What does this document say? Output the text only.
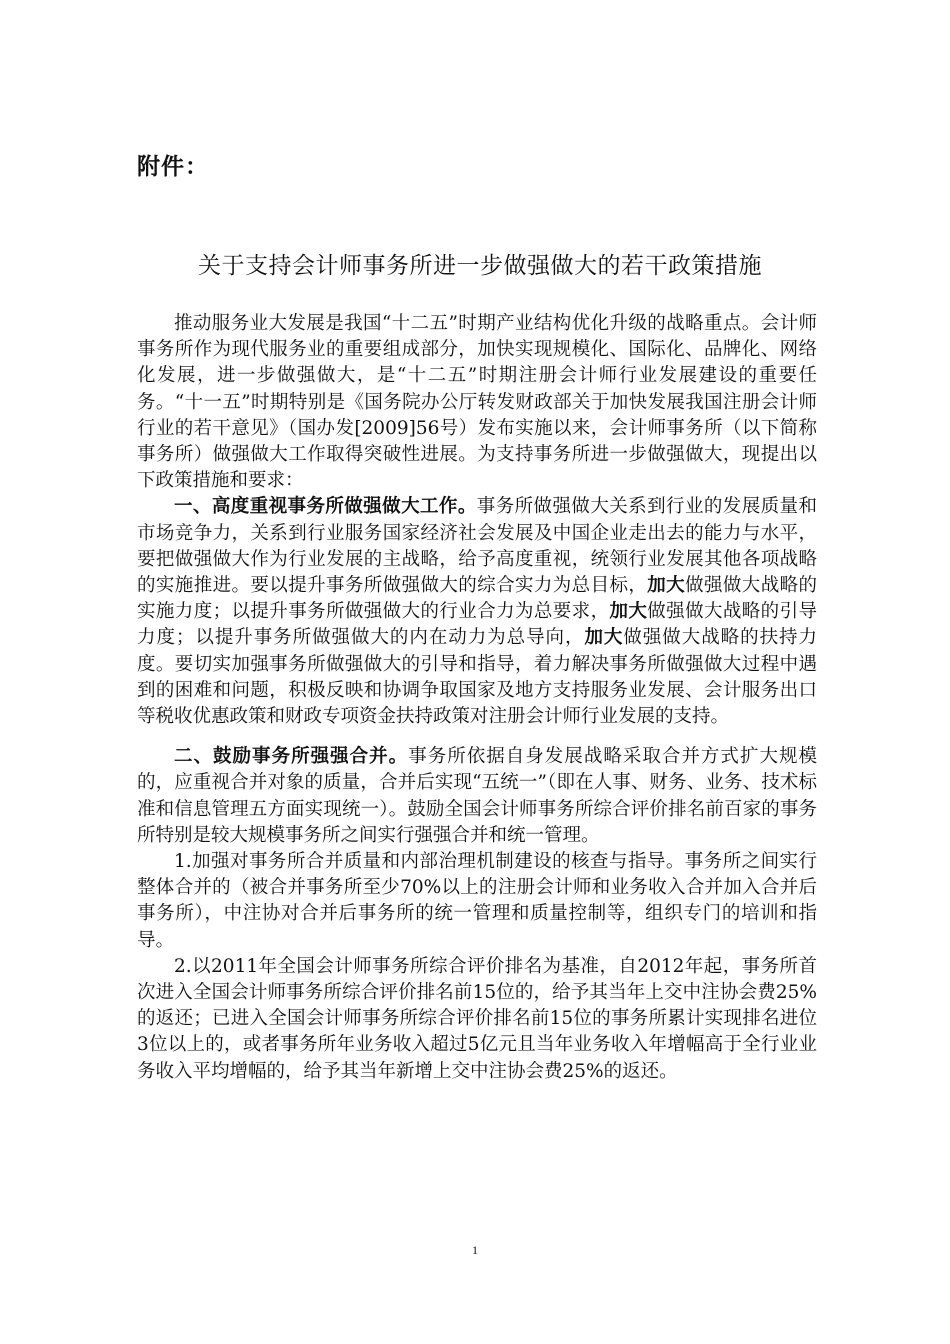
附件：
关于支持会计师事务所进一步做强做大的若干政策措施

推动服务业大发展是我国“十二五”时期产业结构优化升级的战略重点。会计师事务所作为现代服务业的重要组成部分，加快实现规模化、国际化、品牌化、网络化发展，进一步做强做大，是“十二五”时期注册会计师行业发展建设的重要任务。“十一五”时期特别是《国务院办公厅转发财政部关于加快发展我国注册会计师行业的若干意见》（国办发[2009]56号）发布实施以来，会计师事务所（以下简称事务所）做强做大工作取得突破性进展。为支持事务所进一步做强做大，现提出以下政策措施和要求：

一、高度重视事务所做强做大工作。事务所做强做大关系到行业的发展质量和市场竞争力，关系到行业服务国家经济社会发展及中国企业走出去的能力与水平，要把做强做大作为行业发展的主战略，给予高度重视，统领行业发展其他各项战略的实施推进。要以提升事务所做强做大的综合实力为总目标，加大做强做大战略的实施力度；以提升事务所做强做大的行业合力为总要求，加大做强做大战略的引导力度；以提升事务所做强做大的内在动力为总导向，加大做强做大战略的扶持力度。要切实加强事务所做强做大的引导和指导，着力解决事务所做强做大过程中遇到的困难和问题，积极反映和协调争取国家及地方支持服务业发展、会计服务出口等税收优惠政策和财政专项资金扶持政策对注册会计师行业发展的支持。

二、鼓励事务所强强合并。事务所依据自身发展战略采取合并方式扩大规模的，应重视合并对象的质量，合并后实现“五统一”（即在人事、财务、业务、技术标准和信息管理五方面实现统一）。鼓励全国会计师事务所综合评价排名前百家的事务所特别是较大规模事务所之间实行强强合并和统一管理。

1.加强对事务所合并质量和内部治理机制建设的核查与指导。事务所之间实行整体合并的（被合并事务所至少70%以上的注册会计师和业务收入合并加入合并后事务所），中注协对合并后事务所的统一管理和质量控制等，组织专门的培训和指导。

2.以2011年全国会计师事务所综合评价排名为基准，自2012年起，事务所首次进入全国会计师事务所综合评价排名前15位的，给予其当年上交中注协会费25%的返还；已进入全国会计师事务所综合评价排名前15位的事务所累计实现排名进位3位以上的，或者事务所年业务收入超过5亿元且当年业务收入年增幅高于全行业业务收入平均增幅的，给予其当年新增上交中注协会费25%的返还。

1
